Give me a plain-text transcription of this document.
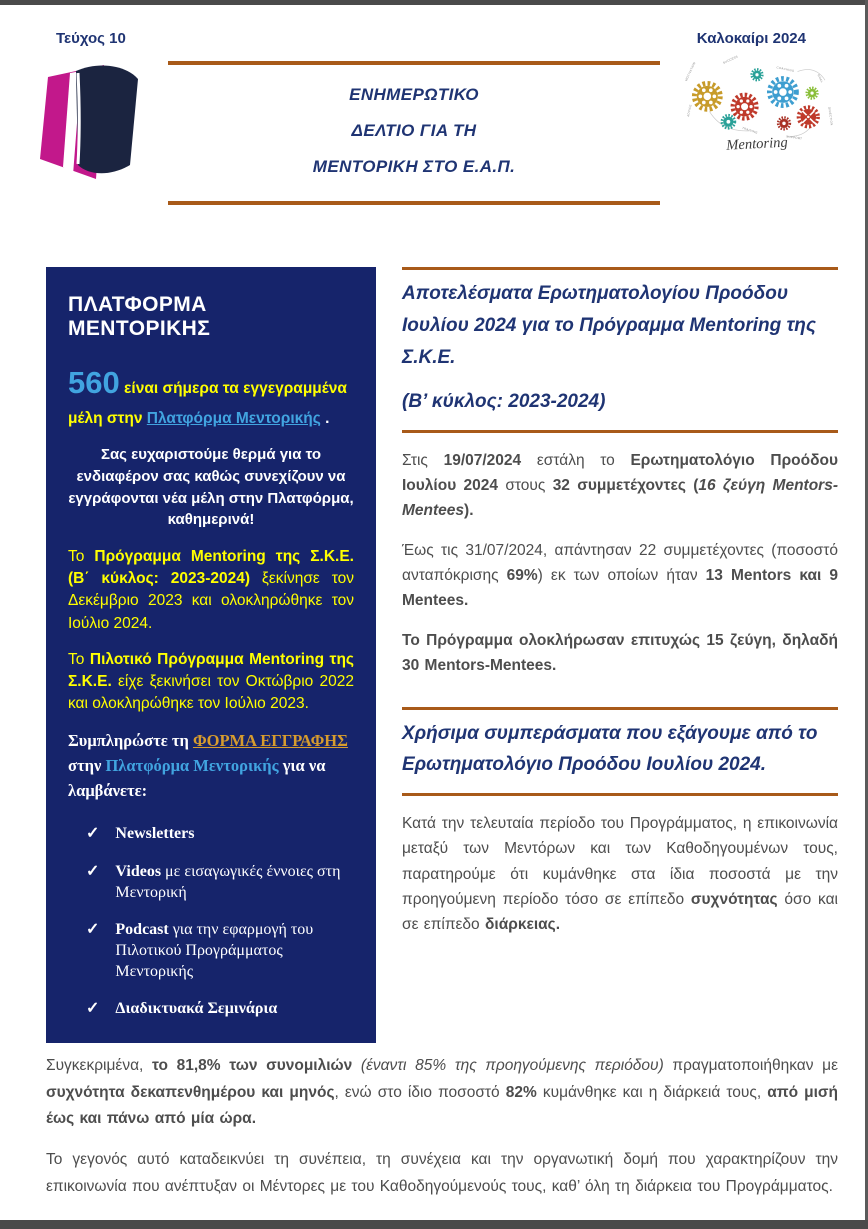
Τεύχος 10	Καλοκαίρι 2024
ΕΝΗΜΕΡΩΤΙΚΟ
ΔΕΛΤΙΟ ΓΙΑ ΤΗ
ΜΕΝΤΟΡΙΚΗ ΣΤΟ Ε.Α.Π.
SUCCESS
COACHING
GOAL
MOTIVATION
ADVICE
TRAINING
SUPPORT
DIRECTION
Mentoring
ΠΛΑΤΦΟΡΜΑ ΜΕΝΤΟΡΙΚΗΣ
560 είναι σήμερα τα εγγεγραμμένα μέλη στην Πλατφόρμα Μεντορικής .
Σας ευχαριστούμε θερμά για το ενδιαφέρον σας καθώς συνεχίζουν να εγγράφονται νέα μέλη στην Πλατφόρμα, καθημερινά!
Το Πρόγραμμα Mentoring της Σ.Κ.Ε. (Β΄ κύκλος: 2023-2024) ξεκίνησε τον Δεκέμβριο 2023 και ολοκληρώθηκε τον Ιούλιο 2024.
Το Πιλοτικό Πρόγραμμα Mentoring της Σ.Κ.Ε. είχε ξεκινήσει τον Οκτώβριο 2022 και ολοκληρώθηκε τον Ιούλιο 2023.
Συμπληρώστε τη ΦΟΡΜΑ ΕΓΓΡΑΦΗΣ στην Πλατφόρμα Μεντορικής για να λαμβάνετε:
✓ Newsletters
✓ Videos με εισαγωγικές έννοιες στη Μεντορική
✓ Podcast για την εφαρμογή του Πιλοτικού Προγράμματος Μεντορικής
✓ Διαδικτυακά Σεμινάρια
Αποτελέσματα Ερωτηματολογίου Προόδου Ιουλίου 2024 για το Πρόγραμμα Mentoring της Σ.Κ.Ε.
(Β’ κύκλος: 2023-2024)

Στις 19/07/2024 εστάλη το Ερωτηματολόγιο Προόδου Ιουλίου 2024 στους 32 συμμετέχοντες (16 ζεύγη Mentors- Mentees).

Έως τις 31/07/2024, απάντησαν 22 συμμετέχοντες (ποσοστό ανταπόκρισης 69%) εκ των οποίων ήταν 13 Mentors και 9 Mentees.

Το Πρόγραμμα ολοκλήρωσαν επιτυχώς 15 ζεύγη, δηλαδή 30 Mentors-Mentees.

Χρήσιμα συμπεράσματα που εξάγουμε από το Ερωτηματολόγιο Προόδου Ιουλίου 2024.

Κατά την τελευταία περίοδο του Προγράμματος, η επικοινωνία μεταξύ των Μεντόρων και των Καθοδηγουμένων τους, παρατηρούμε ότι κυμάνθηκε στα ίδια ποσοστά με την προηγούμενη περίοδο τόσο σε επίπεδο συχνότητας όσο και σε επίπεδο διάρκειας.

Συγκεκριμένα, το 81,8% των συνομιλιών (έναντι 85% της προηγούμενης περιόδου) πραγματοποιήθηκαν με συχνότητα δεκαπενθημέρου και μηνός, ενώ στο ίδιο ποσοστό 82% κυμάνθηκε και η διάρκειά τους, από μισή έως και πάνω από μία ώρα.

Το γεγονός αυτό καταδεικνύει τη συνέπεια, τη συνέχεια και την οργανωτική δομή που χαρακτηρίζουν την επικοινωνία που ανέπτυξαν οι Μέντορες με του Καθοδηγούμενούς τους, καθ’ όλη τη διάρκεια του Προγράμματος.
